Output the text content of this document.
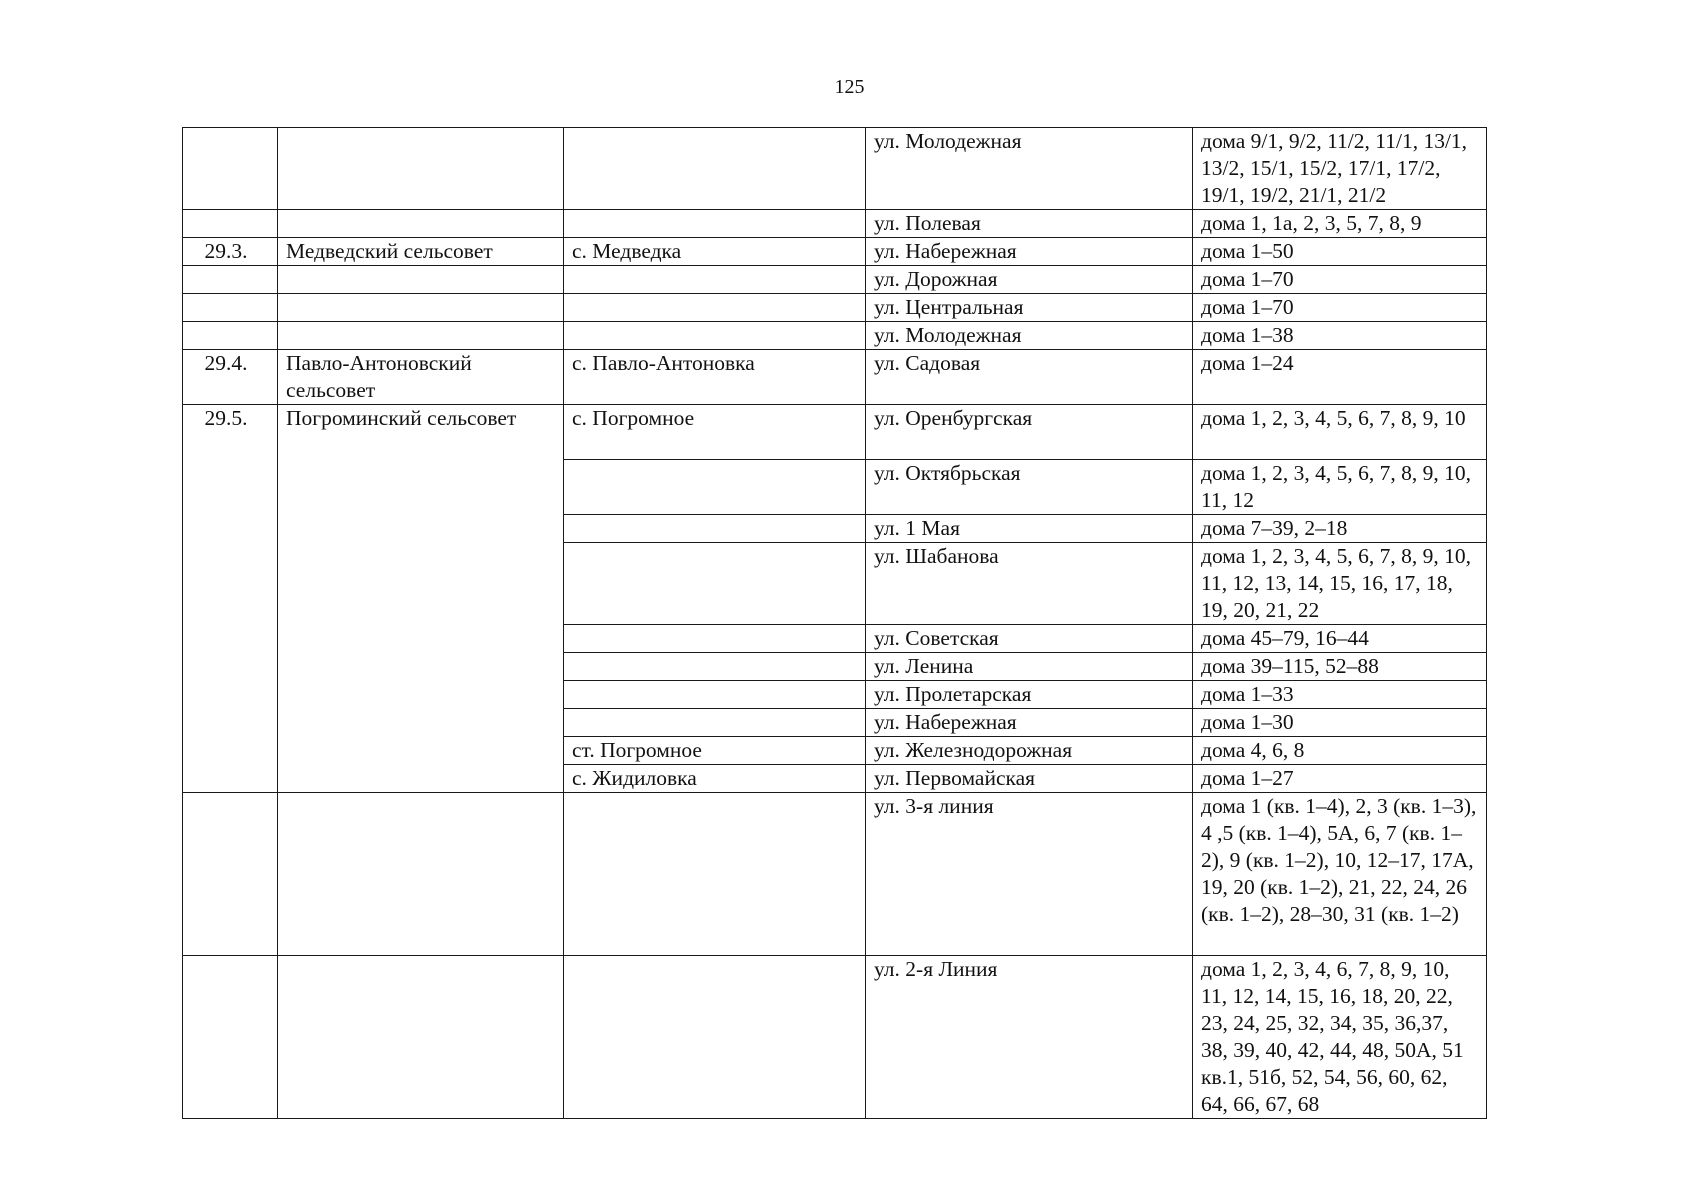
125
			ул. Молодежная	дома 9/1, 9/2, 11/2, 11/1, 13/1, 13/2, 15/1, 15/2, 17/1, 17/2, 19/1, 19/2, 21/1, 21/2
			ул. Полевая	дома 1, 1а, 2, 3, 5, 7, 8, 9
29.3.	Медведский сельсовет	с. Медведка	ул. Набережная	дома 1–50
			ул. Дорожная	дома 1–70
			ул. Центральная	дома 1–70
			ул. Молодежная	дома 1–38
29.4.	Павло-Антоновский сельсовет	с. Павло-Антоновка	ул. Садовая	дома 1–24
29.5.	Погроминский сельсовет	с. Погромное	ул. Оренбургская	дома 1, 2, 3, 4, 5, 6, 7, 8, 9, 10
			ул. Октябрьская	дома 1, 2, 3, 4, 5, 6, 7, 8, 9, 10, 11, 12
			ул. 1 Мая	дома 7–39, 2–18
			ул. Шабанова	дома 1, 2, 3, 4, 5, 6, 7, 8, 9, 10, 11, 12, 13, 14, 15, 16, 17, 18, 19, 20, 21, 22
			ул. Советская	дома 45–79, 16–44
			ул. Ленина	дома 39–115, 52–88
			ул. Пролетарская	дома 1–33
			ул. Набережная	дома 1–30
		ст. Погромное	ул. Железнодорожная	дома 4, 6, 8
		с. Жидиловка	ул. Первомайская	дома 1–27
			ул. 3-я линия	дома 1 (кв. 1–4), 2, 3 (кв. 1–3), 4 ,5 (кв. 1–4), 5А, 6, 7 (кв. 1–2), 9 (кв. 1–2), 10, 12–17, 17А, 19, 20 (кв. 1–2), 21, 22, 24, 26 (кв. 1–2), 28–30, 31 (кв. 1–2)
			ул. 2-я Линия	дома 1, 2, 3, 4, 6, 7, 8, 9, 10, 11, 12, 14, 15, 16, 18, 20, 22, 23, 24, 25, 32, 34, 35, 36,37, 38, 39, 40, 42, 44, 48, 50А, 51 кв.1, 51б, 52, 54, 56, 60, 62, 64, 66, 67, 68
